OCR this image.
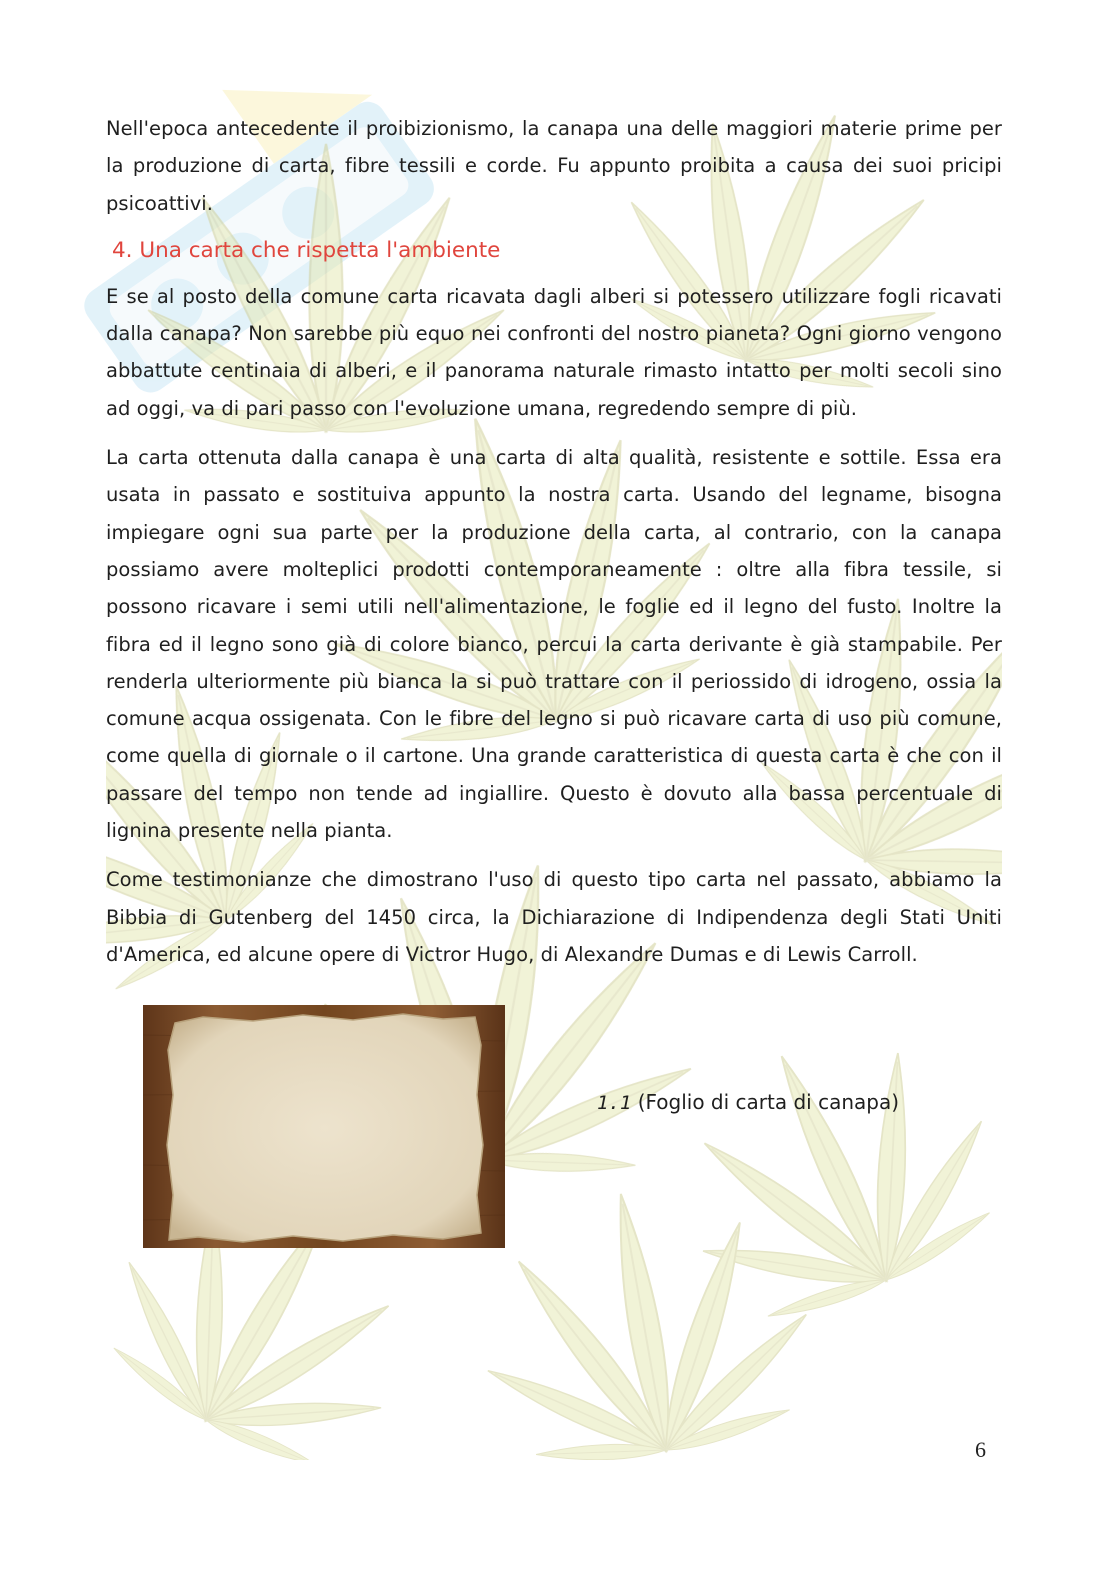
Nell'epoca antecedente il proibizionismo, la canapa una delle maggiori materie prime per la produzione di carta, fibre tessili e corde. Fu appunto proibita a causa dei suoi pricipi psicoattivi.

4. Una carta che rispetta l'ambiente

E se al posto della comune carta ricavata dagli alberi si potessero utilizzare fogli ricavati dalla canapa? Non sarebbe più equo nei confronti del nostro pianeta? Ogni giorno vengono abbattute centinaia di alberi, e il panorama naturale rimasto intatto per molti secoli sino ad oggi, va di pari passo con l'evoluzione umana, regredendo sempre di più.

La carta ottenuta dalla canapa è una carta di alta qualità, resistente e sottile. Essa era usata in passato e sostituiva appunto la nostra carta. Usando del legname, bisogna impiegare ogni sua parte per la produzione della carta, al contrario, con la canapa possiamo avere molteplici prodotti contemporaneamente : oltre alla fibra tessile, si possono ricavare i semi utili nell'alimentazione, le foglie ed il legno del fusto. Inoltre la fibra ed il legno sono già di colore bianco, percui la carta derivante è già stampabile. Per renderla ulteriormente più bianca la si può trattare con il periossido di idrogeno, ossia la comune acqua ossigenata. Con le fibre del legno si può ricavare carta di uso più comune, come quella di giornale o il cartone. Una grande caratteristica di questa carta è che con il passare del tempo non tende ad ingiallire. Questo è dovuto alla bassa percentuale di lignina presente nella pianta.

Come testimonianze che dimostrano l'uso di questo tipo carta nel passato, abbiamo la Bibbia di Gutenberg del 1450 circa, la Dichiarazione di Indipendenza degli Stati Uniti d'America, ed alcune opere di Victror Hugo, di Alexandre Dumas e di Lewis Carroll.

1.1 (Foglio di carta di canapa)
6
